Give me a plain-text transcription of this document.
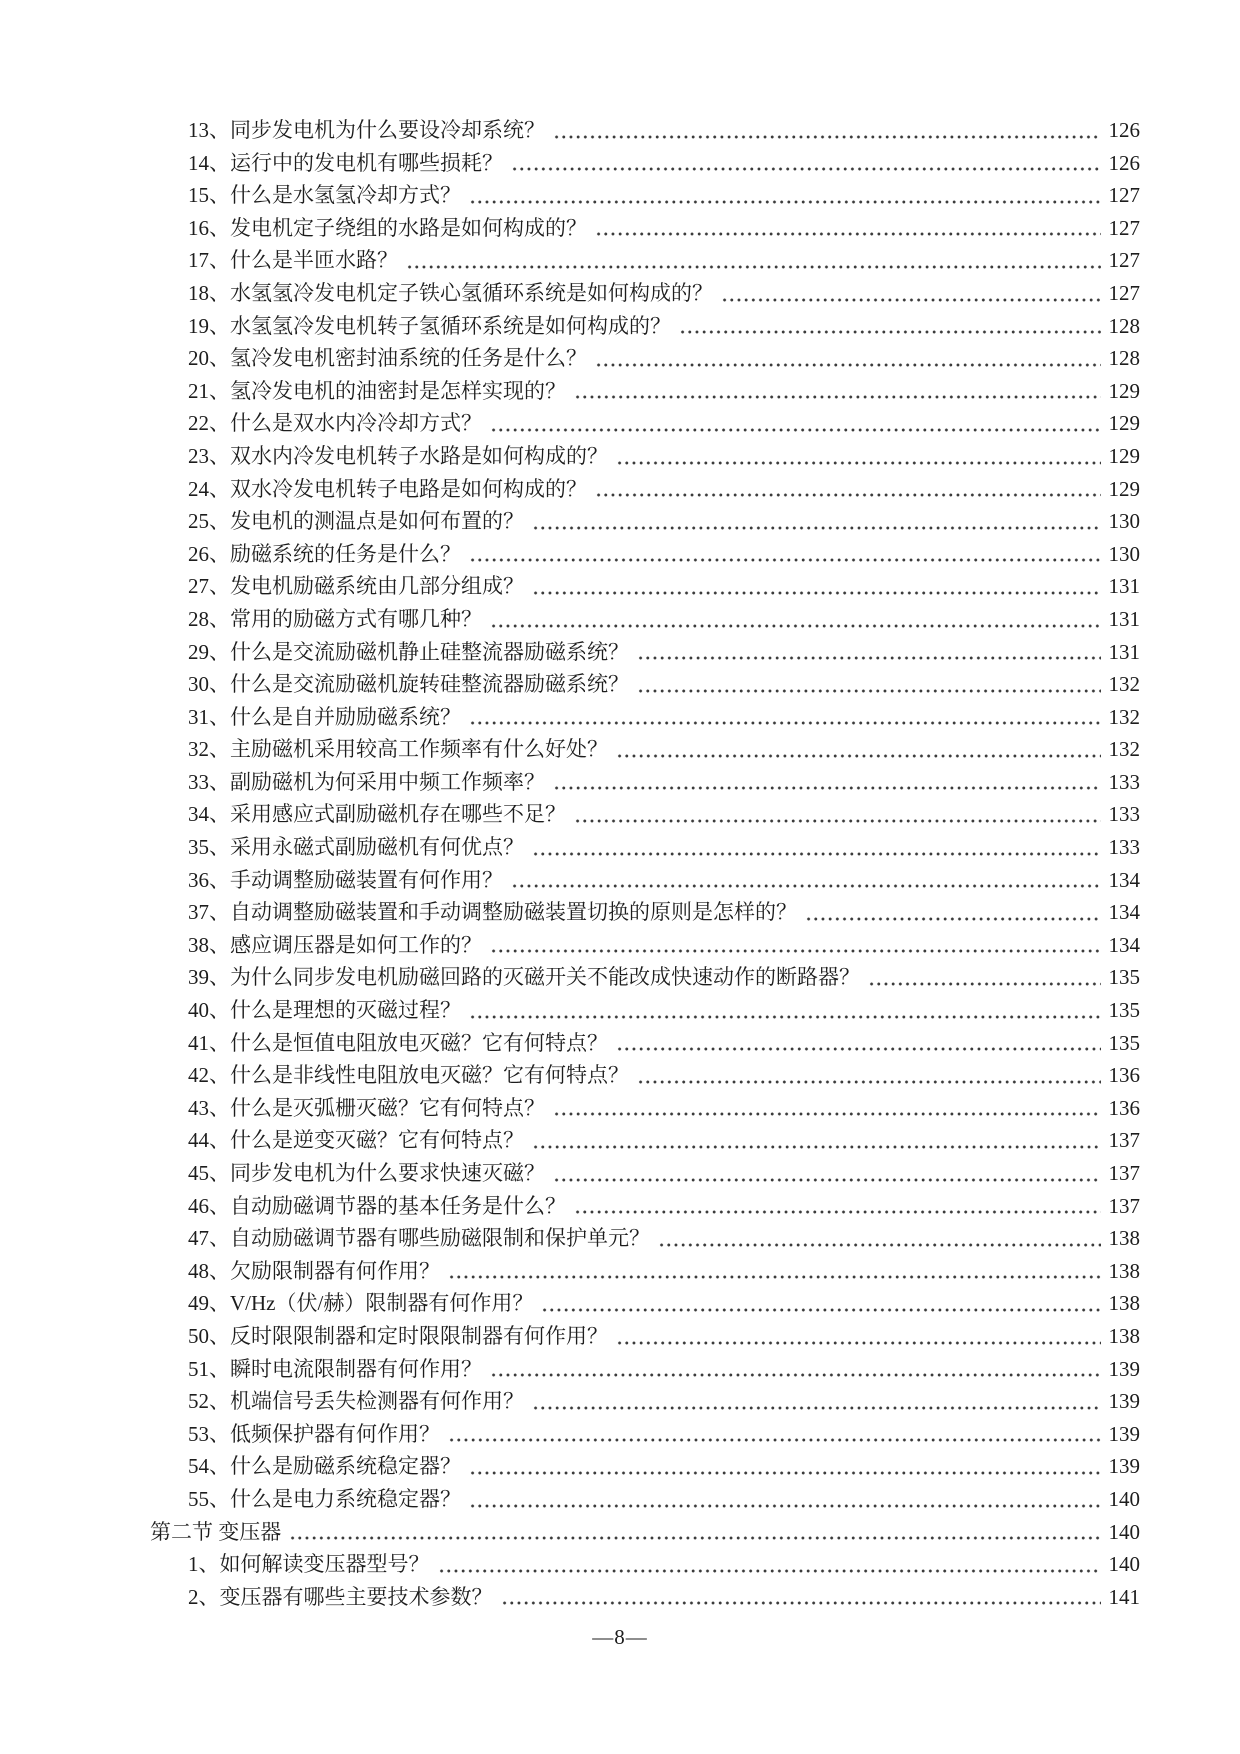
13、同步发电机为什么要设冷却系统？	126
14、运行中的发电机有哪些损耗？	126
15、什么是水氢氢冷却方式？	127
16、发电机定子绕组的水路是如何构成的？	127
17、什么是半匝水路？	127
18、水氢氢冷发电机定子铁心氢循环系统是如何构成的？	127
19、水氢氢冷发电机转子氢循环系统是如何构成的？	128
20、氢冷发电机密封油系统的任务是什么？	128
21、氢冷发电机的油密封是怎样实现的？	129
22、什么是双水内冷冷却方式？	129
23、双水内冷发电机转子水路是如何构成的？	129
24、双水冷发电机转子电路是如何构成的？	129
25、发电机的测温点是如何布置的？	130
26、励磁系统的任务是什么？	130
27、发电机励磁系统由几部分组成？	131
28、常用的励磁方式有哪几种？	131
29、什么是交流励磁机静止硅整流器励磁系统？	131
30、什么是交流励磁机旋转硅整流器励磁系统？	132
31、什么是自并励励磁系统？	132
32、主励磁机采用较高工作频率有什么好处？	132
33、副励磁机为何采用中频工作频率？	133
34、采用感应式副励磁机存在哪些不足？	133
35、采用永磁式副励磁机有何优点？	133
36、手动调整励磁装置有何作用？	134
37、自动调整励磁装置和手动调整励磁装置切换的原则是怎样的？	134
38、感应调压器是如何工作的？	134
39、为什么同步发电机励磁回路的灭磁开关不能改成快速动作的断路器？	135
40、什么是理想的灭磁过程？	135
41、什么是恒值电阻放电灭磁？它有何特点？	135
42、什么是非线性电阻放电灭磁？它有何特点？	136
43、什么是灭弧栅灭磁？它有何特点？	136
44、什么是逆变灭磁？它有何特点？	137
45、同步发电机为什么要求快速灭磁？	137
46、自动励磁调节器的基本任务是什么？	137
47、自动励磁调节器有哪些励磁限制和保护单元？	138
48、欠励限制器有何作用？	138
49、V/Hz（伏/赫）限制器有何作用？	138
50、反时限限制器和定时限限制器有何作用？	138
51、瞬时电流限制器有何作用？	139
52、机端信号丢失检测器有何作用？	139
53、低频保护器有何作用？	139
54、什么是励磁系统稳定器？	139
55、什么是电力系统稳定器？	140
第二节 变压器	140
1、如何解读变压器型号？	140
2、变压器有哪些主要技术参数？	141
—8—
